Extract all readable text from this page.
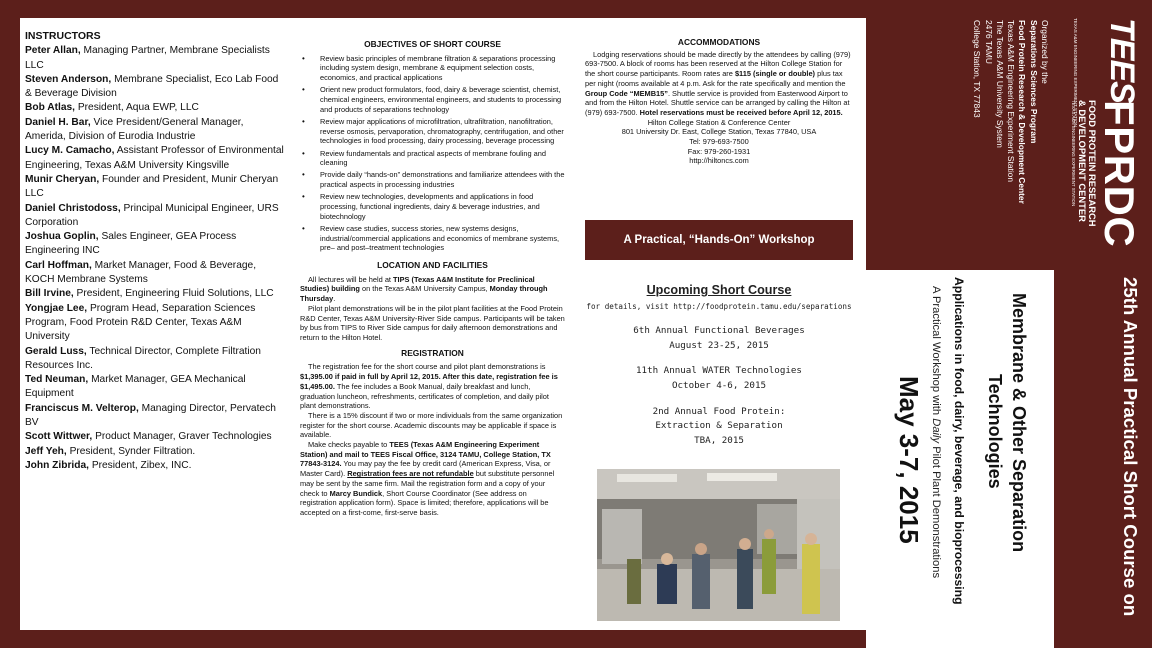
INSTRUCTORS
Peter Allan, Managing Partner, Membrane Specialists LLC
Steven Anderson, Membrane Specialist, Eco Lab Food & Beverage Division
Bob Atlas, President, Aqua EWP, LLC
Daniel H. Bar, Vice President/General Manager, Amerida, Division of Eurodia Industrie
Lucy M. Camacho, Assistant Professor of Environmental Engineering, Texas A&M University Kingsville
Munir Cheryan, Founder and President, Munir Cheryan LLC
Daniel Christodoss, Principal Municipal Engineer, URS Corporation
Joshua Goplin, Sales Engineer, GEA Process Engineering INC
Carl Hoffman, Market Manager, Food & Beverage, KOCH Membrane Systems
Bill Irvine, President, Engineering Fluid Solutions, LLC
Yongjae Lee, Program Head, Separation Sciences Program, Food Protein R&D Center, Texas A&M University
Gerald Luss, Technical Director, Complete Filtration Resources Inc.
Ted Neuman, Market Manager, GEA Mechanical Equipment
Franciscus M. Velterop, Managing Director, Pervatech BV
Scott Wittwer, Product Manager, Graver Technologies
Jeff Yeh, President, Synder Filtration.
John Zibrida, President, Zibex, INC.
OBJECTIVES OF SHORT COURSE
• Review basic principles of membrane filtration & separations processing including system design, membrane & equipment selection costs, economics, and practical applications
• Orient new product formulators, food, dairy & beverage scientist, chemist, chemical engineers, environmental engineers, and students to processing and products of separations technology
• Review major applications of microfiltration, ultrafiltration, nanofiltration, reverse osmosis, pervaporation, chromatography, centrifugation, and other technologies in food processing, dairy processing, beverage processing
• Review fundamentals and practical aspects of membrane fouling and cleaning
• Provide daily “hands-on” demonstrations and familiarize attendees with the practical aspects in processing industries
• Review new technologies, developments and applications in food processing, functional ingredients, dairy & beverage industries, and biotechnology
• Review case studies, success stories, new systems designs, industrial/commercial applications and economics of membrane systems, pre– and post–treatment technologies
LOCATION AND FACILITIES

All lectures will be held at TIPS (Texas A&M Institute for Preclinical Studies) building on the Texas A&M University Campus, Monday through Thursday.

Pilot plant demonstrations will be in the pilot plant facilities at the Food Protein R&D Center, Texas A&M University-River Side campus. Participants will be taken by bus from TIPS to River Side campus for daily afternoon demonstrations and return to the Hilton Hotel.

REGISTRATION

The registration fee for the short course and pilot plant demonstrations is $1,395.00 if paid in full by April 12, 2015. After this date, registration fee is $1,495.00. The fee includes a Book Manual, daily breakfast and lunch, graduation luncheon, refreshments, certificates of completion, and daily pilot plant demonstrations.

There is a 15% discount if two or more individuals from the same organization register for the short course. Academic discounts may be applicable if space is available.

Make checks payable to TEES (Texas A&M Engineering Experiment Station) and mail to TEES Fiscal Office, 3124 TAMU, College Station, TX 77843-3124. You may pay the fee by credit card (American Express, Visa, or Master Card). Registration fees are not refundable but substitute personnel may be sent by the same firm. Mail the registration form and a copy of your check to Marcy Bundick, Short Course Coordinator (See address on registration application form). Space is limited; therefore, applications will be accepted on a first-come, first-serve basis.

ACCOMMODATIONS

Lodging reservations should be made directly by the attendees by calling (979) 693-7500. A block of rooms has been reserved at the Hilton College Station for the short course participants. Room rates are $115 (single or double) plus tax per night (rooms available at 4 p.m. Ask for the rate specifically and mention the Group Code “MEMB15”. Shuttle service is provided from Easterwood Airport to and from the Hilton Hotel. Shuttle service can be arranged by calling the Hilton at (979) 693-7500. Hotel reservations must be received before April 12, 2015.

Hilton College Station & Conference Center

801 University Dr. East, College Station, Texas 77840, USA

Tel: 979-693-7500

Fax: 979-260-1931

http://hiltoncs.com

A Practical, “Hands-On” Workshop
Upcoming Short Course
for details, visit http://foodprotein.tamu.edu/separations
6th Annual Functional Beverages
August 23-25, 2015
11th Annual WATER Technologies
October 4-6, 2015
2nd Annual Food Protein:
Extraction & Separation
TBA, 2015
Organized by the
Separations Sciences Program
Food Protein Research & Development Center
Texas A&M Engineering Experiment Station
The Texas A&M University System
2476 TAMU
College Station, TX 77843	TEES
TEXAS A&M ENGINEERING EXPERIMENT STATION
FPRDC
FOOD PROTEIN RESEARCH
& DEVELOPMENT CENTER
TEXAS A&M ENGINEERING EXPERIMENT STATION
25th Annual Practical Short Course on
Membrane & Other Separation
Technologies
Applications in food, dairy, beverage, and bioprocessing
A Practical Workshop with Daily Pilot Plant Demonstrations
May 3-7, 2015
